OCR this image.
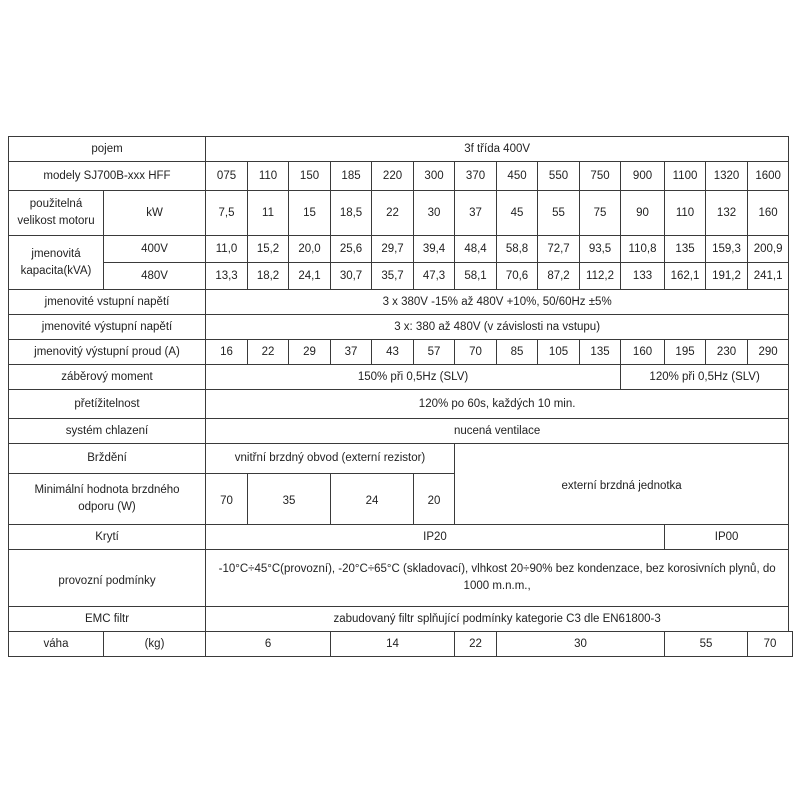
pojem		3f třída 400V													
modely SJ700B-xxx HFF		075	110	150	185	220	300	370	450	550	750	900	1100	1320	1600

použitelná
velikost motoru	kW	7,5	11	15	18,5	22	30	37	45	55	75	90	110	132	160

jmenovitá
kapacita(kVA)	400V	11,0	15,2	20,0	25,6	29,7	39,4	48,4	58,8	72,7	93,5	110,8	135	159,3	200,9
	480V	13,3	18,2	24,1	30,7	35,7	47,3	58,1	70,6	87,2	112,2	133	162,1	191,2	241,1
jmenovité vstupní napětí		3 x 380V -15% až 480V +10%, 50/60Hz ±5%													
jmenovité výstupní napětí		3 x: 380 až 480V (v závislosti na vstupu)													
jmenovitý výstupní proud (A)		16	22	29	37	43	57	70	85	105	135	160	195	230	290
záběrový moment		150% při 0,5Hz (SLV)										120% při 0,5Hz (SLV)			
přetížitelnost		120% po 60s, každých 10 min.													
systém chlazení		nucená ventilace													
Brždění		vnitřní brzdný obvod (externí rezistor)						externí brzdná jednotka							

Minimální hodnota brzdného
odporu (W)		70	35		24		20								
Krytí		IP20											IP00		
provozní podmínky		-10°C÷45°C(provozní), -20°C÷65°C (skladovací), vlhkost 20÷90% bez kondenzace, bez korosivních plynů, do
1000 m.n.m.,													

EMC filtr		zabudovaný filtr splňující podmínky kategorie C3 dle EN61800-3													
váha	(kg)	6			14			22	30				55		70
